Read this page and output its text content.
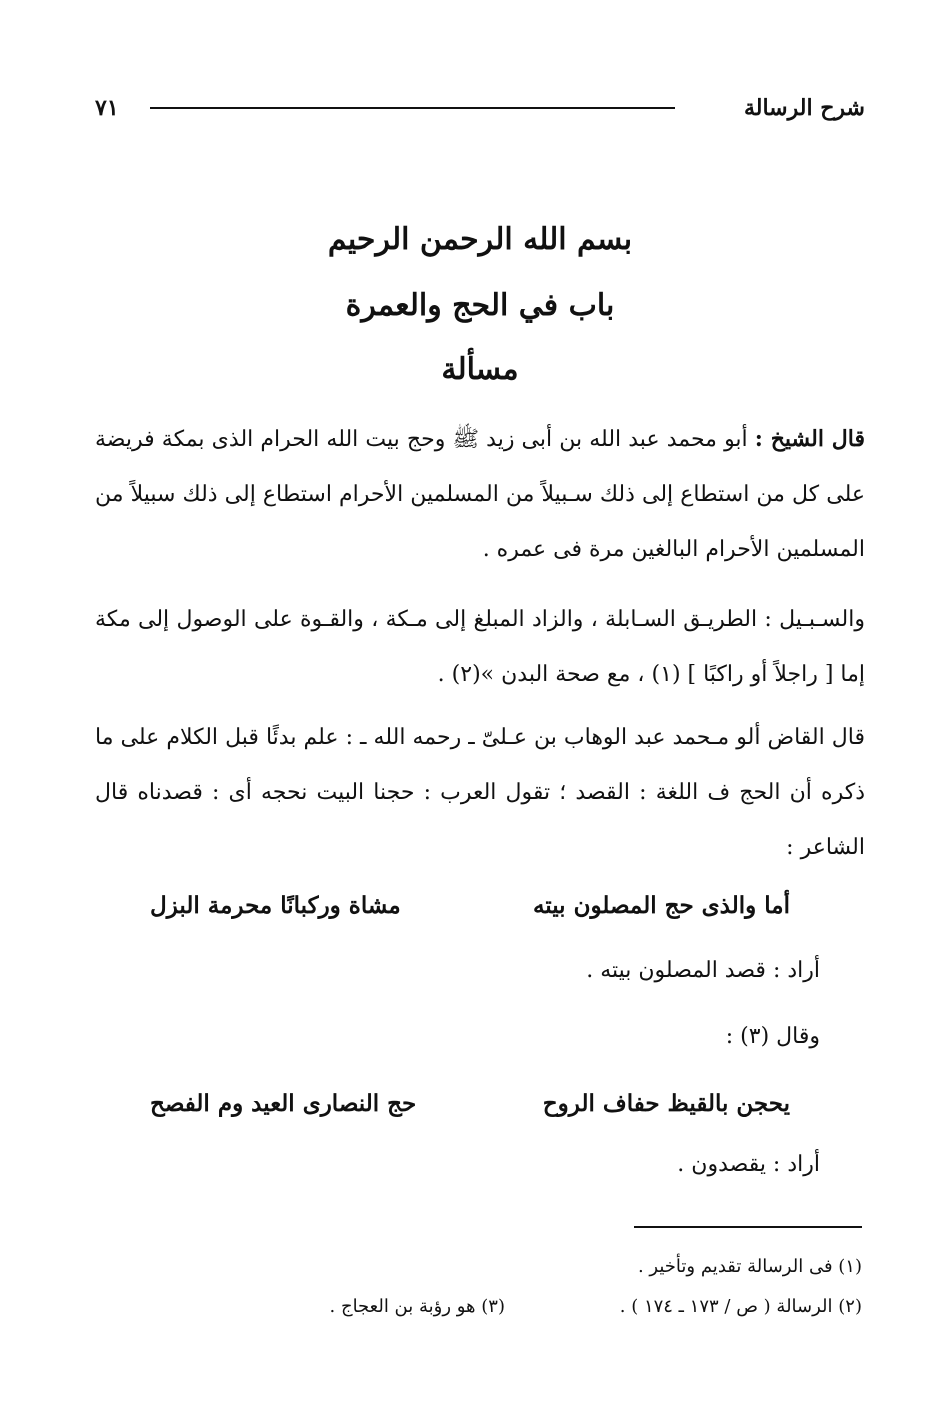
شرح الرسالة
٧١
بسم الله الرحمن الرحيم
باب في الحج والعمرة
مسألة
قال الشيخ : أبو محمد عبد الله بن أبى زيد ﷺ وحج بيت الله الحرام الذى بمكة فريضة على كل من استطاع إلى ذلك سـبيلاً من المسلمين الأحرام استطاع إلى ذلك سبيلاً من المسلمين الأحرام البالغين مرة فى عمره .
والسـبـيل : الطريـق السـابلة ، والزاد المبلغ إلى مـكة ، والقـوة على الوصول إلى مكة إما [ راجلاً أو راكبًا ] (١) ، مع صحة البدن »(٢) .
قال القاض ألو مـحمد عبد الوهاب بن عـلىّ ـ رحمه الله ـ : علم بدئًا قبل الكلام على ما ذكره أن الحج ف اللغة : القصد ؛ تقول العرب : حجنا البيت نحجه أى : قصدناه قال الشاعر :
أما والذى حج المصلون بيته
مشاة وركبانًا محرمة البزل
أراد : قصد المصلون بيته .
وقال (٣) :
يحجن بالقيظ حفاف الروح
حج النصارى العيد وم الفصح
أراد : يقصدون .
(١) فى الرسالة تقديم وتأخير .
(٢) الرسالة ( ص / ١٧٣ ـ ١٧٤ ) .
(٣) هو رؤبة بن العجاج .
